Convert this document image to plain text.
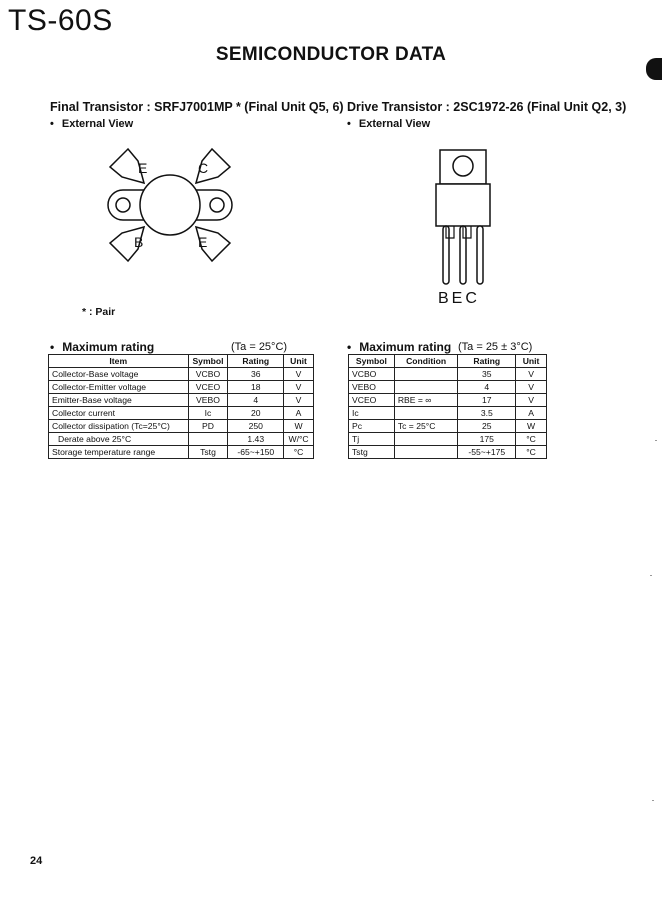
TS-60S
SEMICONDUCTOR DATA
Final Transistor : SRFJ7001MP * (Final Unit Q5, 6)
• External View
E	C
B	E
* : Pair
• Maximum rating	(Ta = 25°C)
Item	Symbol	Rating	Unit
Collector-Base voltage	VCBO	36	V
Collector-Emitter voltage	VCEO	18	V
Emitter-Base voltage	VEBO	4	V
Collector current	Ic	20	A
Collector dissipation (Tc=25°C)	PD	250	W
Derate above 25°C		1.43	W/°C
Storage temperature range	Tstg	-65~+150	°C
Drive Transistor : 2SC1972-26 (Final Unit Q2, 3)
• External View
BEC
• Maximum rating (Ta = 25 ± 3°C)
Symbol	Condition	Rating	Unit
VCBO		35	V
VEBO		4	V
VCEO	RBE = ∞	17	V
Ic		3.5	A
Pc	Tc = 25°C	25	W
Tj		175	°C
Tstg		-55~+175	°C
24
